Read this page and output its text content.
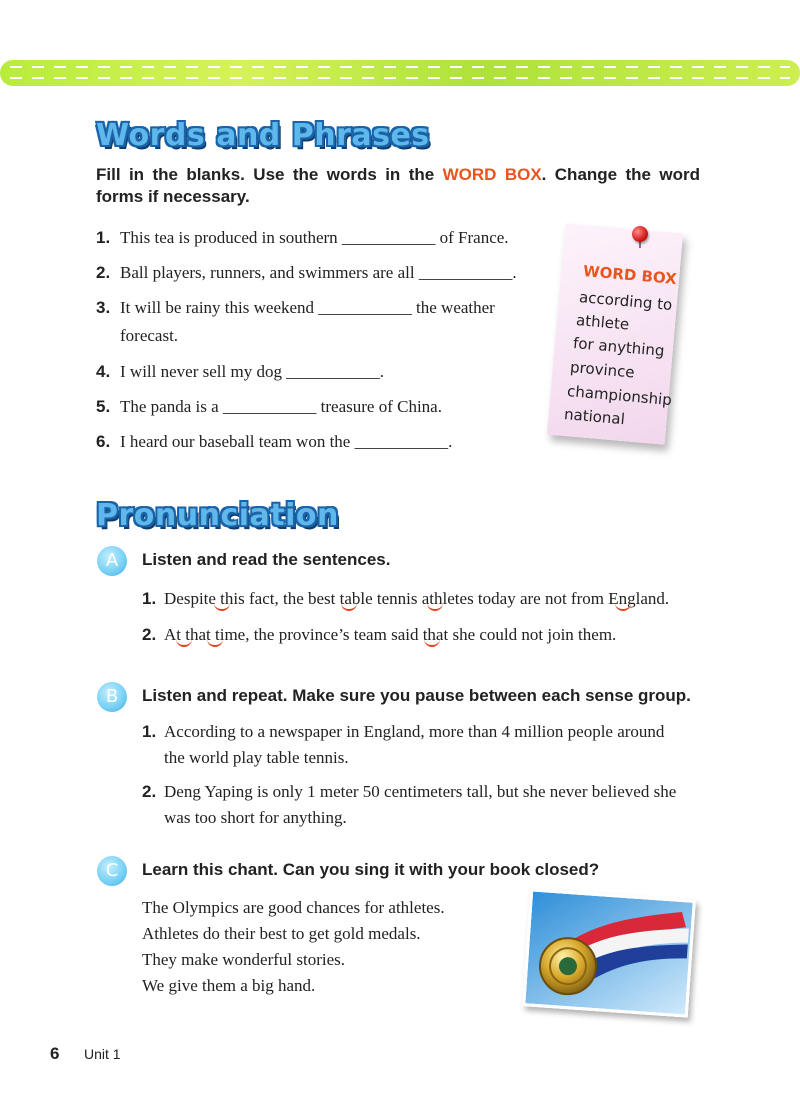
Words and Phrases
Fill in the blanks. Use the words in the WORD BOX. Change the word forms if necessary.
1. This tea is produced in southern ___________ of France.
2. Ball players, runners, and swimmers are all ___________.
3. It will be rainy this weekend ___________ the weather
forecast.
4. I will never sell my dog ___________.
5. The panda is a ___________ treasure of China.
6. I heard our baseball team won the ___________.
WORD BOX
according to
athlete
for anything
province
championship
national
Pronunciation
A	Listen and read the sentences.
1. Despite this fact, the best table tennis athletes today are not from England.
2. At that time, the province’s team said that she could not join them.
B	Listen and repeat. Make sure you pause between each sense group.
1. According to a newspaper in England, more than 4 million people around
the world play table tennis.
2. Deng Yaping is only 1 meter 50 centimeters tall, but she never believed she
was too short for anything.
C	Learn this chant. Can you sing it with your book closed?
The Olympics are good chances for athletes.
Athletes do their best to get gold medals.
They make wonderful stories.
We give them a big hand.
6 Unit 1
